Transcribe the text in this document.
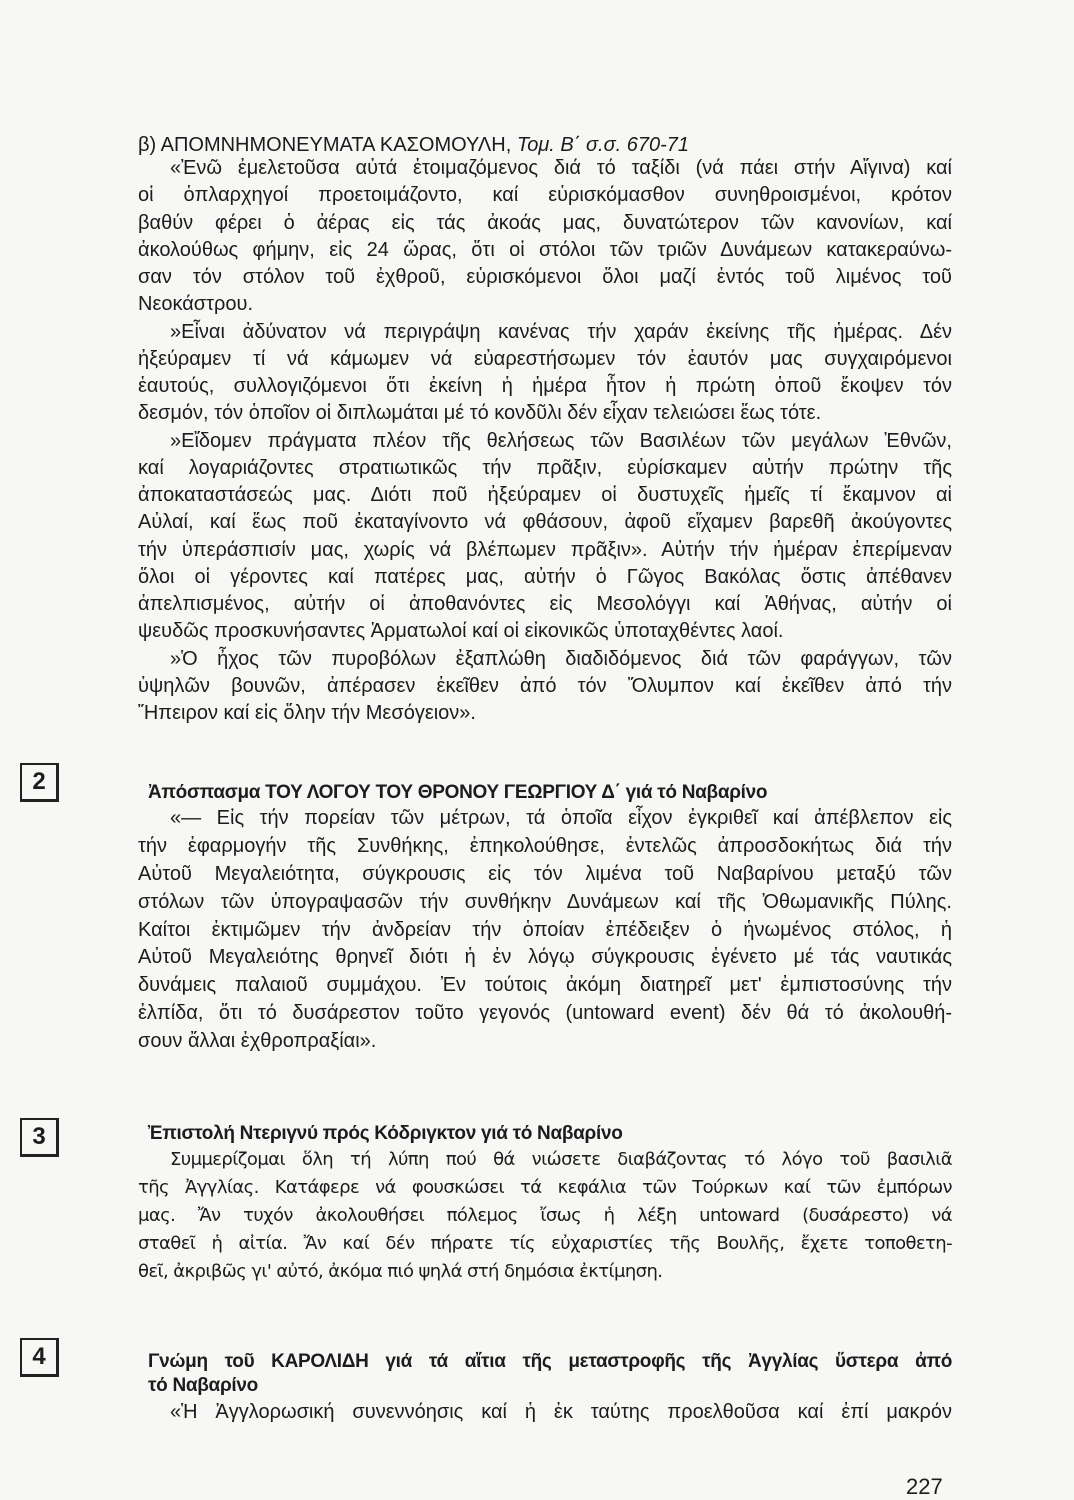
β) ΑΠΟΜΝΗΜΟΝΕΥΜΑΤΑ ΚΑΣΟΜΟΥΛΗ, Τομ. Β΄ σ.σ. 670-71
«Ἐνῶ ἐμελετοῦσα αὐτά ἑτοιμαζόμενος διά τό ταξίδι (νά πάει στήν Αἴγινα) καί
οἱ ὁπλαρχηγοί προετοιμάζοντο, καί εὑρισκόμασθον συνηθροισμένοι, κρότον
βαθύν φέρει ὁ ἀέρας εἰς τάς ἀκοάς μας, δυνατώτερον τῶν κανονίων, καί
ἀκολούθως φήμην, εἰς 24 ὥρας, ὅτι οἱ στόλοι τῶν τριῶν Δυνάμεων κατακεραύνω-
σαν τόν στόλον τοῦ ἐχθροῦ, εὑρισκόμενοι ὅλοι μαζί ἐντός τοῦ λιμένος τοῦ
Νεοκάστρου.
»Εἶναι ἀδύνατον νά περιγράψη κανένας τήν χαράν ἐκείνης τῆς ἡμέρας. Δέν
ἠξεύραμεν τί νά κάμωμεν νά εὐαρεστήσωμεν τόν ἑαυτόν μας συγχαιρόμενοι
ἑαυτούς, συλλογιζόμενοι ὅτι ἐκείνη ἡ ἡμέρα ἦτον ἡ πρώτη ὁποῦ ἔκοψεν τόν
δεσμόν, τόν ὁποῖον οἱ διπλωμάται μέ τό κονδῦλι δέν εἶχαν τελειώσει ἕως τότε.
»Εἴδομεν πράγματα πλέον τῆς θελήσεως τῶν Βασιλέων τῶν μεγάλων Ἐθνῶν,
καί λογαριάζοντες στρατιωτικῶς τήν πρᾶξιν, εὑρίσκαμεν αὐτήν πρώτην τῆς
ἀποκαταστάσεώς μας. Διότι ποῦ ἠξεύραμεν οἱ δυστυχεῖς ἡμεῖς τί ἔκαμνον αἱ
Αὐλαί, καί ἕως ποῦ ἐκαταγίνοντο νά φθάσουν, ἀφοῦ εἴχαμεν βαρεθῆ ἀκούγοντες
τήν ὑπεράσπισίν μας, χωρίς νά βλέπωμεν πρᾶξιν». Αὐτήν τήν ἡμέραν ἐπερίμεναν
ὅλοι οἱ γέροντες καί πατέρες μας, αὐτήν ὁ Γῶγος Βακόλας ὅστις ἀπέθανεν
ἀπελπισμένος, αὐτήν οἱ ἀποθανόντες εἰς Μεσολόγγι καί Ἀθήνας, αὐτήν οἱ
ψευδῶς προσκυνήσαντες Ἁρματωλοί καί οἱ εἰκονικῶς ὑποταχθέντες λαοί.
»Ὁ ἦχος τῶν πυροβόλων ἐξαπλώθη διαδιδόμενος διά τῶν φαράγγων, τῶν
ὑψηλῶν βουνῶν, ἀπέρασεν ἐκεῖθεν ἀπό τόν Ὄλυμπον καί ἐκεῖθεν ἀπό τήν
Ἤπειρον καί εἰς ὅλην τήν Μεσόγειον».
2	Ἀπόσπασμα ΤΟΥ ΛΟΓΟΥ ΤΟΥ ΘΡΟΝΟΥ ΓΕΩΡΓΙΟΥ Δ΄ γιά τό Ναβαρίνο
«— Εἰς τήν πορείαν τῶν μέτρων, τά ὁποῖα εἶχον ἐγκριθεῖ καί ἀπέβλεπον εἰς
τήν ἐφαρμογήν τῆς Συνθήκης, ἐπηκολούθησε, ἐντελῶς ἀπροσδοκήτως διά τήν
Αὐτοῦ Μεγαλειότητα, σύγκρουσις εἰς τόν λιμένα τοῦ Ναβαρίνου μεταξύ τῶν
στόλων τῶν ὑπογραψασῶν τήν συνθήκην Δυνάμεων καί τῆς Ὀθωμανικῆς Πύλης.
Καίτοι ἐκτιμῶμεν τήν ἀνδρείαν τήν ὁποίαν ἐπέδειξεν ὁ ἡνωμένος στόλος, ἡ
Αὐτοῦ Μεγαλειότης θρηνεῖ διότι ἡ ἐν λόγῳ σύγκρουσις ἐγένετο μέ τάς ναυτικάς
δυνάμεις παλαιοῦ συμμάχου. Ἐν τούτοις ἀκόμη διατηρεῖ μετ' ἐμπιστοσύνης τήν
ἐλπίδα, ὅτι τό δυσάρεστον τοῦτο γεγονός (untoward event) δέν θά τό ἀκολουθή-
σουν ἄλλαι ἐχθροπραξίαι».
3	Ἐπιστολή Ντεριγνύ πρός Κόδριγκτον γιά τό Ναβαρίνο
Συμμερίζομαι ὅλη τή λύπη πού θά νιώσετε διαβάζοντας τό λόγο τοῦ βασιλιᾶ
τῆς Ἀγγλίας. Κατάφερε νά φουσκώσει τά κεφάλια τῶν Τούρκων καί τῶν ἐμπόρων
μας. Ἄν τυχόν ἀκολουθήσει πόλεμος ἴσως ἡ λέξη untoward (δυσάρεστο) νά
σταθεῖ ἡ αἰτία. Ἄν καί δέν πήρατε τίς εὐχαριστίες τῆς Βουλῆς, ἔχετε τοποθετη-
θεῖ, ἀκριβῶς γι' αὐτό, ἀκόμα πιό ψηλά στή δημόσια ἐκτίμηση.
4	Γνώμη τοῦ ΚΑΡΟΛΙΔΗ γιά τά αἴτια τῆς μεταστροφῆς τῆς Ἀγγλίας ὕστερα ἀπό
τό Ναβαρίνο
«Ἡ Ἀγγλορωσική συνεννόησις καί ἡ ἐκ ταύτης προελθοῦσα καί ἐπί μακρόν
227
